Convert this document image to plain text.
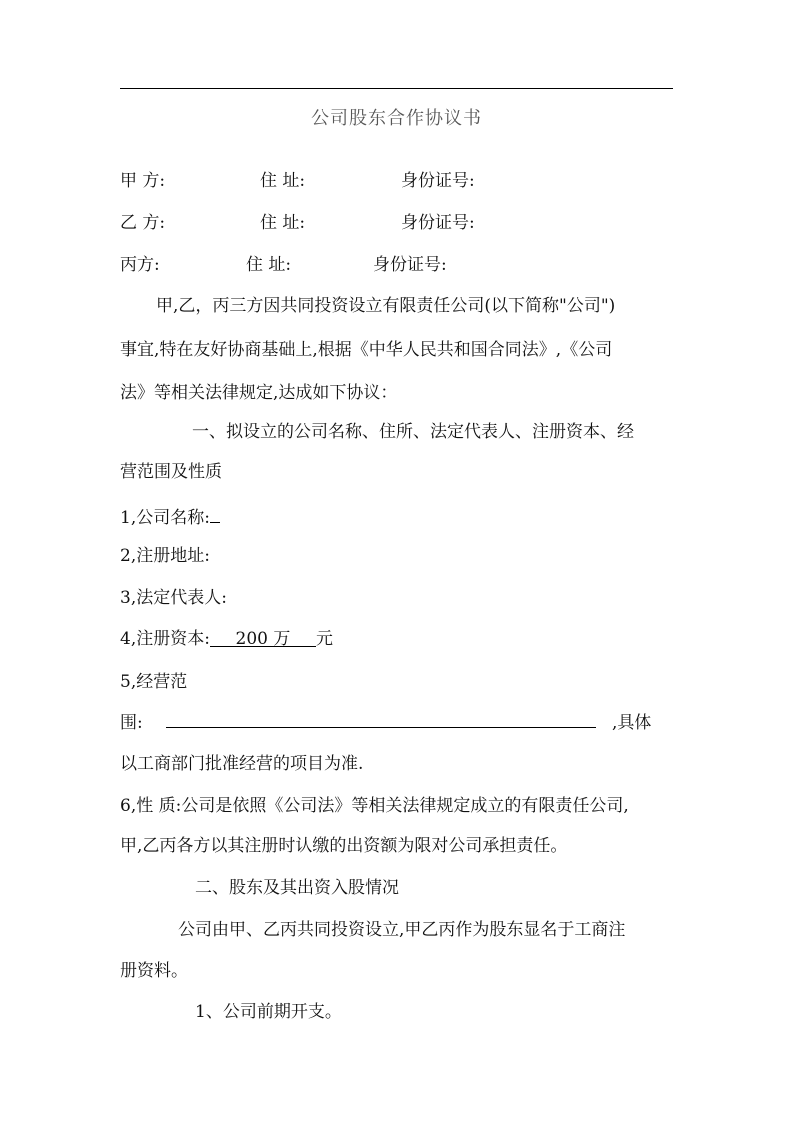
公司股东合作协议书
甲 方:	住 址:	身份证号:
乙 方:	住 址:	身份证号:
丙方:	住 址:	身份证号:
甲,乙，丙三方因共同投资设立有限责任公司(以下简称"公司")
事宜,特在友好协商基础上,根据《中华人民共和国合同法》,《公司
法》等相关法律规定,达成如下协议：
一、拟设立的公司名称、住所、法定代表人、注册资本、经
营范围及性质
1,公司名称:
2,注册地址:
3,法定代表人:
4,注册资本: 200 万 元
5,经营范
围:	,具体
以工商部门批准经营的项目为准.
6,性 质:公司是依照《公司法》等相关法律规定成立的有限责任公司,
甲,乙丙各方以其注册时认缴的出资额为限对公司承担责任。
二、股东及其出资入股情况
公司由甲、乙丙共同投资设立,甲乙丙作为股东显名于工商注
册资料。
1、公司前期开支。
